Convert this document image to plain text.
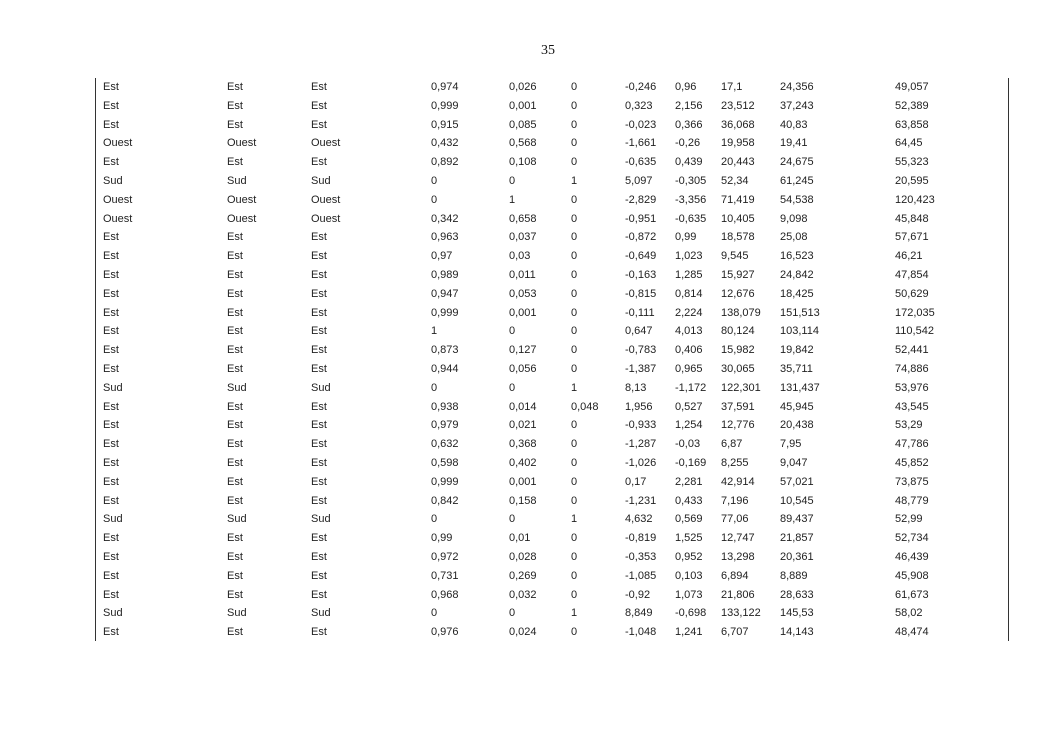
35
Est	Est	Est	0,974	0,026	0	-0,246 0,96 17,1	24,356	49,057
Est	Est	Est	0,999	0,001	0	0,323 2,156 23,512 37,243	52,389
Est	Est	Est	0,915	0,085	0	-0,023 0,366 36,068 40,83	63,858
Ouest	Ouest	Ouest	0,432	0,568	0	-1,661 -0,26 19,958 19,41	64,45
Est	Est	Est	0,892	0,108	0	-0,635 0,439 20,443 24,675	55,323
Sud	Sud	Sud	0	0	1	5,097 -0,305 52,34	61,245	20,595
Ouest	Ouest	Ouest	0	1	0	-2,829 -3,356 71,419 54,538	120,423
Ouest	Ouest	Ouest	0,342	0,658	0	-0,951 -0,635 10,405 9,098	45,848
Est	Est	Est	0,963	0,037	0	-0,872 0,99 18,578 25,08	57,671
Est	Est	Est	0,97	0,03	0	-0,649 1,023 9,545	16,523	46,21
Est	Est	Est	0,989	0,011	0	-0,163 1,285 15,927 24,842	47,854
Est	Est	Est	0,947	0,053	0	-0,815 0,814 12,676 18,425	50,629
Est	Est	Est	0,999	0,001	0	-0,111 2,224 138,079 151,513	172,035
Est	Est	Est	1	0	0	0,647 4,013 80,124 103,114	110,542
Est	Est	Est	0,873	0,127	0	-0,783 0,406 15,982 19,842	52,441
Est	Est	Est	0,944	0,056	0	-1,387 0,965 30,065 35,711	74,886
Sud	Sud	Sud	0	0	1	8,13	-1,172 122,301 131,437	53,976
Est	Est	Est	0,938	0,014	0,048 1,956 0,527 37,591 45,945	43,545
Est	Est	Est	0,979	0,021	0	-0,933 1,254 12,776 20,438	53,29
Est	Est	Est	0,632	0,368	0	-1,287 -0,03 6,87	7,95	47,786
Est	Est	Est	0,598	0,402	0	-1,026 -0,169 8,255	9,047	45,852
Est	Est	Est	0,999	0,001	0	0,17	2,281 42,914 57,021	73,875
Est	Est	Est	0,842	0,158	0	-1,231 0,433 7,196	10,545	48,779
Sud	Sud	Sud	0	0	1	4,632 0,569 77,06	89,437	52,99
Est	Est	Est	0,99	0,01	0	-0,819 1,525 12,747 21,857	52,734
Est	Est	Est	0,972	0,028	0	-0,353 0,952 13,298 20,361	46,439
Est	Est	Est	0,731	0,269	0	-1,085 0,103 6,894	8,889	45,908
Est	Est	Est	0,968	0,032	0	-0,92 1,073 21,806 28,633	61,673
Sud	Sud	Sud	0	0	1	8,849 -0,698 133,122 145,53	58,02
Est	Est	Est	0,976	0,024	0	-1,048 1,241 6,707	14,143	48,474
